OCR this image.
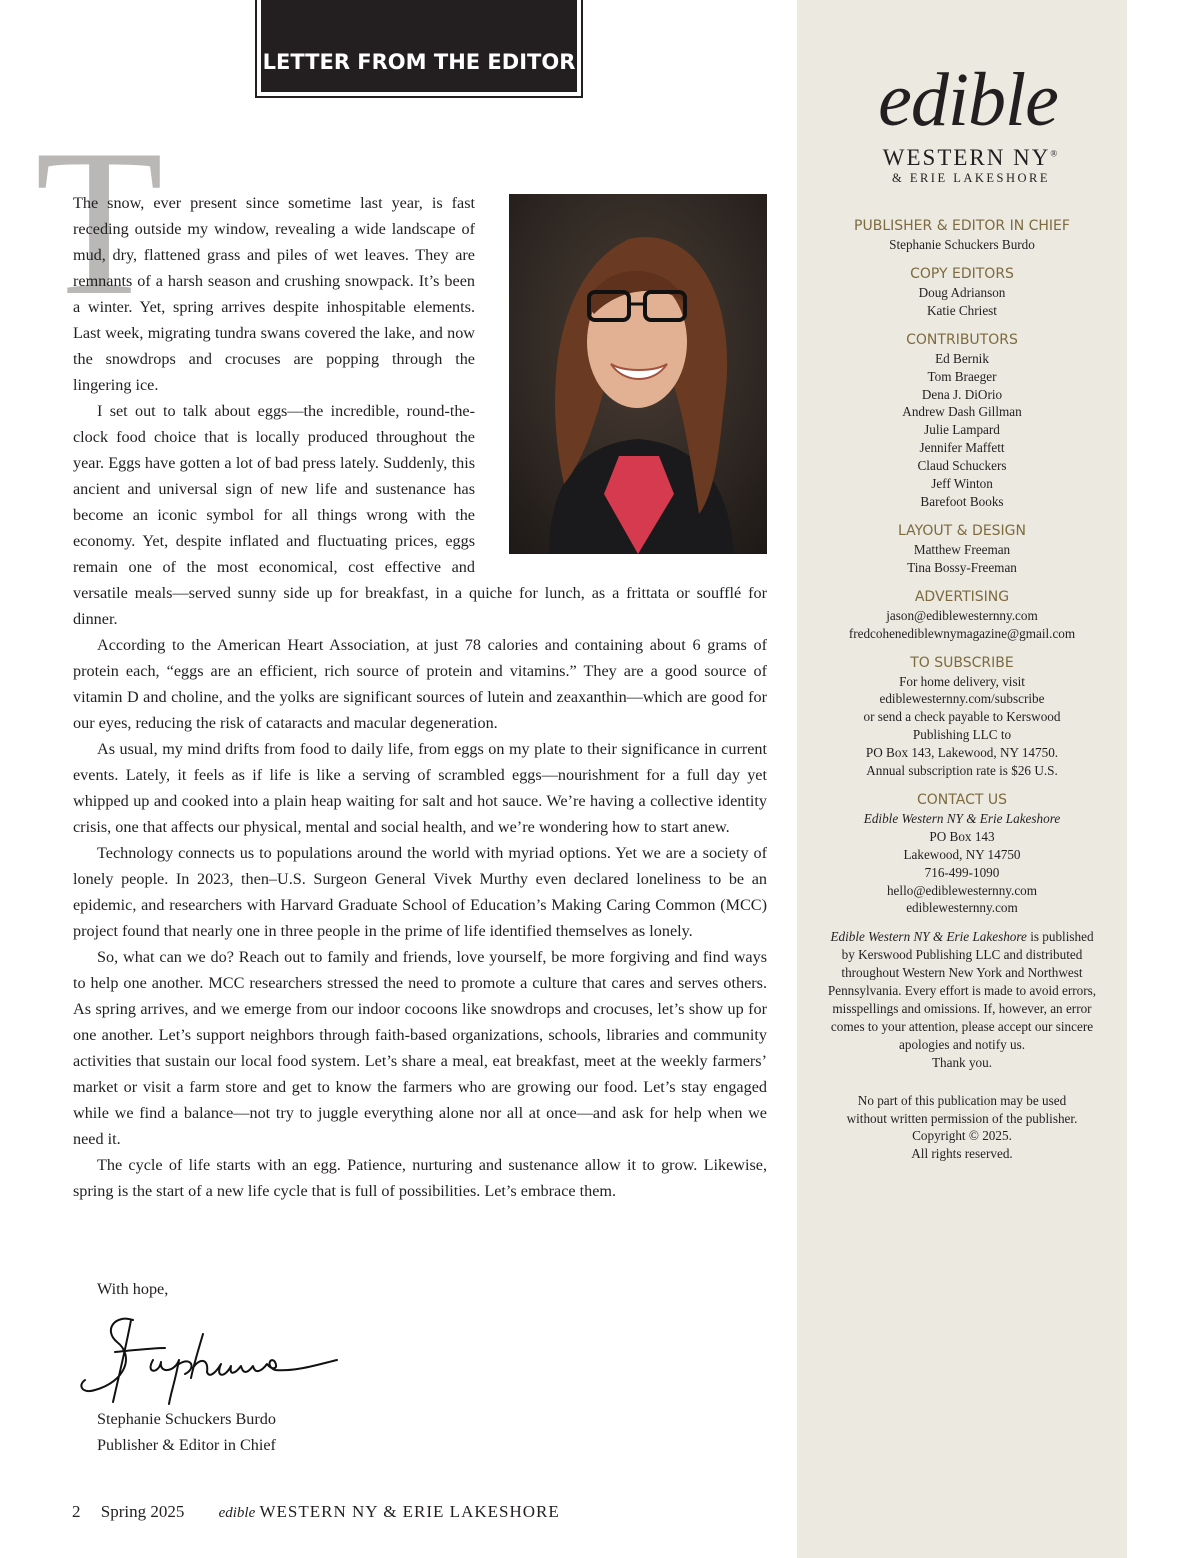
LETTER FROM THE EDITOR
T

The snow, ever present since sometime last year, is fast receding outside my window, revealing a wide landscape of mud, dry, flattened grass and piles of wet leaves. They are remnants of a harsh season and crushing snowpack. It’s been a winter. Yet, spring arrives despite inhospitable elements. Last week, migrating tundra swans covered the lake, and now the snowdrops and crocuses are popping through the lingering ice.

I set out to talk about eggs—the incredible, round-the-clock food choice that is locally produced throughout the year. Eggs have gotten a lot of bad press lately. Suddenly, this ancient and universal sign of new life and sustenance has become an iconic symbol for all things wrong with the economy. Yet, despite inflated and fluctuating prices, eggs remain one of the most economical, cost effective and versatile meals—served sunny side up for breakfast, in a quiche for lunch, as a frittata or soufflé for dinner.

According to the American Heart Association, at just 78 calories and containing about 6 grams of protein each, “eggs are an efficient, rich source of protein and vitamins.” They are a good source of vitamin D and choline, and the yolks are significant sources of lutein and zeaxanthin—which are good for our eyes, reducing the risk of cataracts and macular degeneration.

As usual, my mind drifts from food to daily life, from eggs on my plate to their significance in current events. Lately, it feels as if life is like a serving of scrambled eggs—nourishment for a full day yet whipped up and cooked into a plain heap waiting for salt and hot sauce. We’re having a collective identity crisis, one that affects our physical, mental and social health, and we’re wondering how to start anew.

Technology connects us to populations around the world with myriad options. Yet we are a society of lonely people. In 2023, then–U.S. Surgeon General Vivek Murthy even declared loneliness to be an epidemic, and researchers with Harvard Graduate School of Education’s Making Caring Common (MCC) project found that nearly one in three people in the prime of life identified themselves as lonely.

So, what can we do? Reach out to family and friends, love yourself, be more forgiving and find ways to help one another. MCC researchers stressed the need to promote a culture that cares and serves others. As spring arrives, and we emerge from our indoor cocoons like snowdrops and crocuses, let’s show up for one another. Let’s support neighbors through faith-based organizations, schools, libraries and community activities that sustain our local food system. Let’s share a meal, eat breakfast, meet at the weekly farmers’ market or visit a farm store and get to know the farmers who are growing our food. Let’s stay engaged while we find a balance—not try to juggle everything alone nor all at once—and ask for help when we need it.

The cycle of life starts with an egg. Patience, nurturing and sustenance allow it to grow. Likewise, spring is the start of a new life cycle that is full of possibilities. Let’s embrace them.

With hope,
Stephanie Schuckers Burdo
Publisher & Editor in Chief
2 Spring 2025 edible WESTERN NY & ERIE LAKESHORE
edible
WESTERN NY®
& ERIE LAKESHORE
PUBLISHER & EDITOR IN CHIEF
Stephanie Schuckers Burdo
COPY EDITORS
Doug Adrianson
Katie Chriest
CONTRIBUTORS
Ed Bernik
Tom Braeger
Dena J. DiOrio
Andrew Dash Gillman
Julie Lampard
Jennifer Maffett
Claud Schuckers
Jeff Winton
Barefoot Books
LAYOUT & DESIGN
Matthew Freeman
Tina Bossy-Freeman
ADVERTISING
jason@ediblewesternny.com
fredcohenediblewnymagazine@gmail.com
TO SUBSCRIBE
For home delivery, visit
ediblewesternny.com/subscribe
or send a check payable to Kerswood
Publishing LLC to
PO Box 143, Lakewood, NY 14750.
Annual subscription rate is $26 U.S.
CONTACT US
Edible Western NY & Erie Lakeshore
PO Box 143
Lakewood, NY 14750
716-499-1090
hello@ediblewesternny.com
ediblewesternny.com
Edible Western NY & Erie Lakeshore is published by Kerswood Publishing LLC and distributed throughout Western New York and Northwest Pennsylvania. Every effort is made to avoid errors, misspellings and omissions. If, however, an error comes to your attention, please accept our sincere apologies and notify us.
Thank you.
No part of this publication may be used
without written permission of the publisher.
Copyright © 2025.
All rights reserved.
